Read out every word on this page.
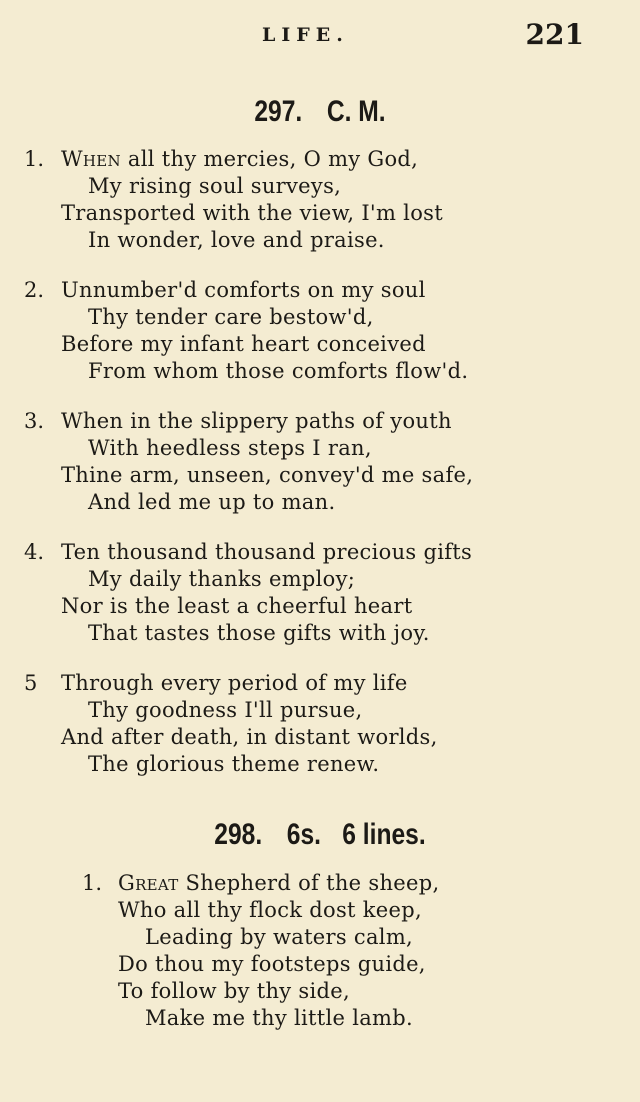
LIFE.	221
297. C. M.
1. When all thy mercies, O my God,
My rising soul surveys,
Transported with the view, I'm lost
In wonder, love and praise.
2. Unnumber'd comforts on my soul
Thy tender care bestow'd,
Before my infant heart conceived
From whom those comforts flow'd.
3. When in the slippery paths of youth
With heedless steps I ran,
Thine arm, unseen, convey'd me safe,
And led me up to man.
4. Ten thousand thousand precious gifts
My daily thanks employ;
Nor is the least a cheerful heart
That tastes those gifts with joy.
5 Through every period of my life
Thy goodness I'll pursue,
And after death, in distant worlds,
The glorious theme renew.
298. 6s. 6 lines.
1. Great Shepherd of the sheep,
Who all thy flock dost keep,
Leading by waters calm,
Do thou my footsteps guide,
To follow by thy side,
Make me thy little lamb.
